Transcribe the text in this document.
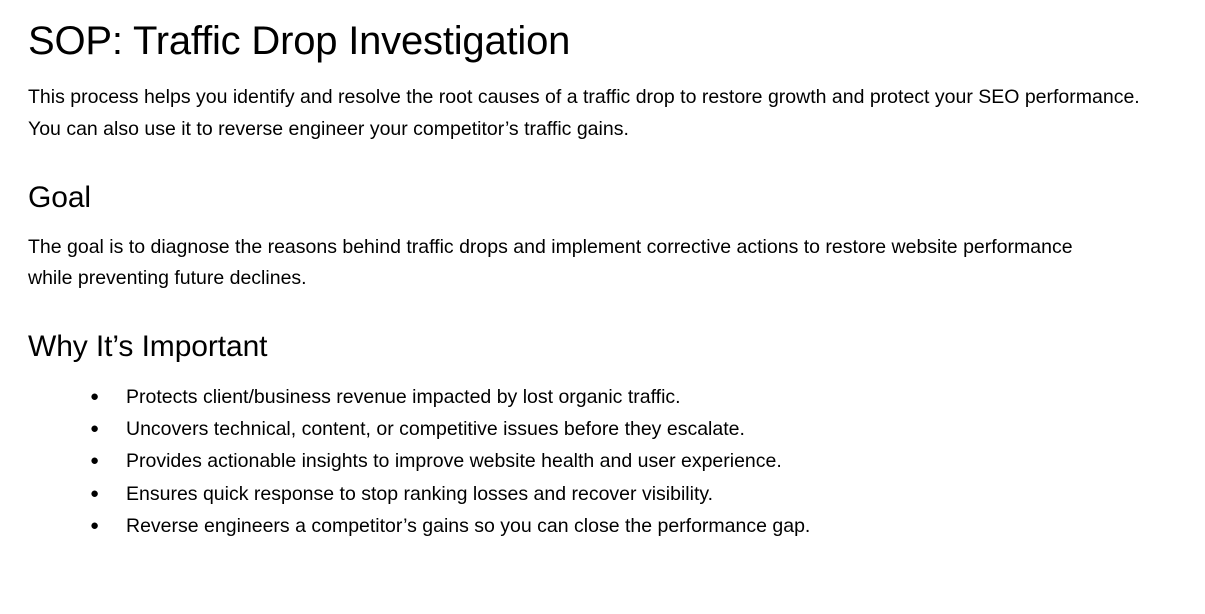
SOP: Traffic Drop Investigation

This process helps you identify and resolve the root causes of a traffic drop to restore growth and protect your SEO performance. You can also use it to reverse engineer your competitor’s traffic gains.

Goal

The goal is to diagnose the reasons behind traffic drops and implement corrective actions to restore website performance while preventing future declines.

Why It’s Important
● Protects client/business revenue impacted by lost organic traffic.
● Uncovers technical, content, or competitive issues before they escalate.
● Provides actionable insights to improve website health and user experience.
● Ensures quick response to stop ranking losses and recover visibility.
● Reverse engineers a competitor’s gains so you can close the performance gap.
